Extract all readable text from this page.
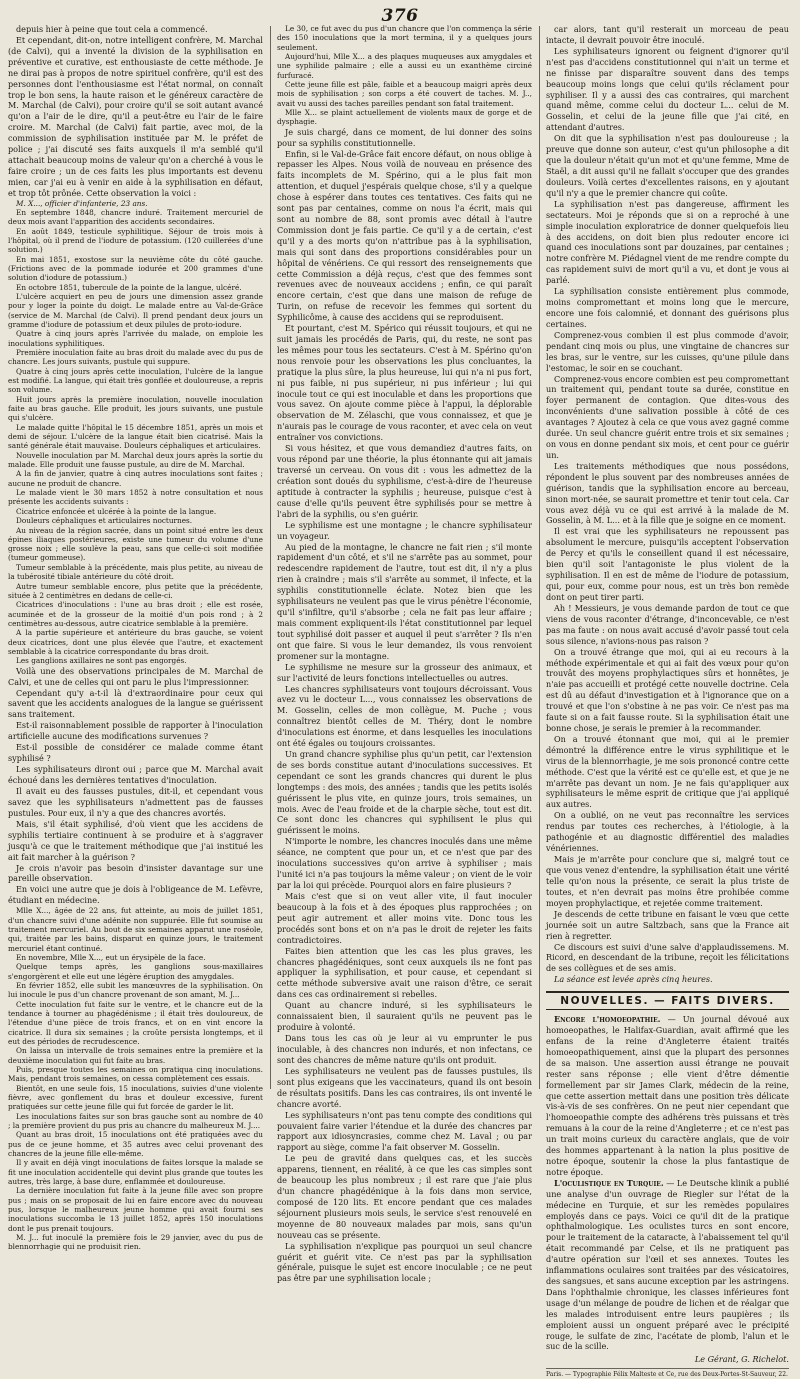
376

depuis hier à peine que tout cela a commencé.

Et cependant, dit-on, notre intelligent confrère, M. Marchal (de Calvi), qui a inventé la division de la syphilisation en préventive et curative, est enthousiaste de cette méthode. Je ne dirai pas à propos de notre spirituel confrère, qu'il est des personnes dont l'enthousiasme est l'état normal, on connaît trop le bon sens, la haute raison et le généreux caractère de M. Marchal (de Calvi), pour croire qu'il se soit autant avancé qu'on a l'air de le dire, qu'il a peut-être eu l'air de le faire croire. M. Marchal (de Calvi) fait partie, avec moi, de la commission de syphilisation instituée par M. le préfet de police ; j'ai discuté ses faits auxquels il m'a semblé qu'il attachait beaucoup moins de valeur qu'on a cherché à vous le faire croire ; un de ces faits les plus importants est devenu mien, car j'ai eu à venir en aide à la syphilisation en défaut, et trop tôt prônée. Cette observation la voici :

M. X..., officier d'infanterie, 23 ans.

En septembre 1848, chancre induré. Traitement mercuriel de deux mois avant l'apparition des accidents secondaires.

En août 1849, testicule syphilitique. Séjour de trois mois à l'hôpital, où il prend de l'iodure de potassium. (120 cuillerées d'une solution.)

En mai 1851, exostose sur la neuvième côte du côté gauche. (Frictions avec de la pommade iodurée et 200 grammes d'une solution d'iodure de potassium.)

En octobre 1851, tubercule de la pointe de la langue, ulcéré.

L'ulcère acquiert en peu de jours une dimension assez grande pour y loger la pointe du doigt. Le malade entre au Val-de-Grâce (service de M. Marchal (de Calvi). Il prend pendant deux jours un gramme d'iodure de potassium et deux pilules de proto-iodure.

Quatre à cinq jours après l'arrivée du malade, on emploie les inoculations syphilitiques.

Première inoculation faite au bras droit du malade avec du pus de chancre. Les jours suivants, pustule qui suppure.

Quatre à cinq jours après cette inoculation, l'ulcère de la langue est modifié. La langue, qui était très gonflée et douloureuse, a repris son volume.

Huit jours après la première inoculation, nouvelle inoculation faite au bras gauche. Elle produit, les jours suivants, une pustule qui s'ulcère.

Le malade quitte l'hôpital le 15 décembre 1851, après un mois et demi de séjour. L'ulcère de la langue était bien cicatrisé. Mais la santé générale était mauvaise. Douleurs céphaliques et articulaires.

Nouvelle inoculation par M. Marchal deux jours après la sortie du malade. Elle produit une fausse pustule, au dire de M. Marchal.

A la fin de janvier, quatre à cinq autres inoculations sont faites ; aucune ne produit de chancre.

Le malade vient le 30 mars 1852 à notre consultation et nous présente les accidents suivants :

Cicatrice enfoncée et ulcérée à la pointe de la langue.

Douleurs céphaliques et articulaires nocturnes.

Au niveau de la région sacrée, dans un point situé entre les deux épines iliaques postérieures, existe une tumeur du volume d'une grosse noix ; elle soulève la peau, sans que celle-ci soit modifiée (tumeur gommeuse).

Tumeur semblable à la précédente, mais plus petite, au niveau de la tubérosité tibiale antérieure du côté droit.

Autre tumeur semblable encore, plus petite que la précédente, située à 2 centimètres en dedans de celle-ci.

Cicatrices d'inoculations : l'une au bras droit ; elle est rosée, acuminée et de la grosseur de la moitié d'un pois rond ; à 2 centimètres au-dessous, autre cicatrice semblable à la première.

A la partie supérieure et antérieure du bras gauche, se voient deux cicatrices, dont une plus élevée que l'autre, et exactement semblable à la cicatrice correspondante du bras droit.

Les ganglions axillaires ne sont pas engorgés.

Voilà une des observations principales de M. Marchal de Calvi, et une de celles qui ont paru le plus l'impressionner.

Cependant qu'y a-t-il là d'extraordinaire pour ceux qui savent que les accidents analogues de la langue se guérissent sans traitement.

Est-il raisonnablement possible de rapporter à l'inoculation artificielle aucune des modifications survenues ?

Est-il possible de considérer ce malade comme étant syphilisé ?

Les syphilisateurs diront oui ; parce que M. Marchal avait échoué dans les dernières tentatives d'inoculation.

Il avait eu des fausses pustules, dit-il, et cependant vous savez que les syphilisateurs n'admettent pas de fausses pustules. Pour eux, il n'y a que des chancres avortés.

Mais, s'il était syphilisé, d'où vient que les accidens de syphilis tertiaire continuent à se produire et à s'aggraver jusqu'à ce que le traitement méthodique que j'ai institué les ait fait marcher à la guérison ?

Je crois n'avoir pas besoin d'insister davantage sur une pareille observation.

En voici une autre que je dois à l'obligeance de M. Lefèvre, étudiant en médecine.

Mlle X..., âgée de 22 ans, fut atteinte, au mois de juillet 1851, d'un chancre suivi d'une adénite non suppurée. Elle fut soumise au traitement mercuriel. Au bout de six semaines apparut une roséole, qui, traitée par les bains, disparut en quinze jours, le traitement mercuriel étant continué.

En novembre, Mlle X..., eut un érysipèle de la face.

Quelque temps après, les ganglions sous-maxillaires s'engorgèrent et elle eut une légère éruption des amygdales.

En février 1852, elle subit les manœuvres de la syphilisation. On lui inocule le pus d'un chancre provenant de son amant, M. J...

Cette inoculation fut faite sur le ventre, et le chancre eut de la tendance à tourner au phagédénisme ; il était très douloureux, de l'étendue d'une pièce de trois francs, et on en vint encore la cicatrice. Il dura six semaines ; la croûte persista longtemps, et il eut des périodes de recrudescence.

On laissa un intervalle de trois semaines entre la première et la deuxième inoculation qui fut faite au bras.

Puis, presque toutes les semaines on pratiqua cinq inoculations. Mais, pendant trois semaines, on cessa complètement ces essais.

Bientôt, en une seule fois, 15 inoculations, suivies d'une violente fièvre, avec gonflement du bras et douleur excessive, furent pratiquées sur cette jeune fille qui fut forcée de garder le lit.

Les inoculations faites sur son bras gauche sont au nombre de 40 ; la première provient du pus pris au chancre du malheureux M. J....

Quant au bras droit, 15 inoculations ont été pratiquées avec du pus de ce jeune homme, et 35 autres avec celui provenant des chancres de la jeune fille elle-même.

Il y avait en déjà vingt inoculations de faites lorsque la malade se fit une inoculation accidentelle qui devint plus grande que toutes les autres, très large, à base dure, enflammée et douloureuse.

La dernière inoculation fut faite à la jeune fille avec son propre pus ; mais on se proposait de lui en faire encore avec du nouveau pus, lorsque le malheureux jeune homme qui avait fourni ses inoculations succomba le 13 juillet 1852, après 150 inoculations dont le pus prenait toujours.

M. J... fut inoculé la première fois le 29 janvier, avec du pus de blennorrhagie qui ne produisit rien.

Le 30, ce fut avec du pus d'un chancre que l'on commença la série des 150 inoculations que la mort termina, il y a quelques jours seulement.

Aujourd'hui, Mlle X... a des plaques muqueuses aux amygdales et une syphilide palmaire ; elle a aussi eu un exanthème circiné furfuracé.

Cette jeune fille est pâle, faible et a beaucoup maigri après deux mois de syphilisation ; son corps a été couvert de taches. M. J.., avait vu aussi des taches pareilles pendant son fatal traitement.

Mlle X... se plaint actuellement de violents maux de gorge et de dysphagie.

Je suis chargé, dans ce moment, de lui donner des soins pour sa syphilis constitutionnelle.

Enfin, si le Val-de-Grâce fait encore défaut, on nous oblige à repasser les Alpes. Nous voilà de nouveau en présence des faits incomplets de M. Spérino, qui a le plus fait mon attention, et duquel j'espérais quelque chose, s'il y a quelque chose à espérer dans toutes ces tentatives. Ces faits qui ne sont pas par centaines, comme on nous l'a écrit, mais qui sont au nombre de 88, sont promis avec détail à l'autre Commission dont je fais partie. Ce qu'il y a de certain, c'est qu'il y a des morts qu'on n'attribue pas à la syphilisation, mais qui sont dans des proportions considérables pour un hôpital de vénériens. Ce qui ressort des renseignements que cette Commission a déjà reçus, c'est que des femmes sont revenues avec de nouveaux accidens ; enfin, ce qui paraît encore certain, c'est que dans une maison de refuge de Turin, on refuse de recevoir les femmes qui sortent du Syphilicôme, à cause des accidens qui se reproduisent.

Et pourtant, c'est M. Spérico qui réussit toujours, et qui ne suit jamais les procédés de Paris, qui, du reste, ne sont pas les mêmes pour tous les sectateurs. C'est à M. Spérino qu'on nous renvoie pour les observations les plus concluantes, la pratique la plus sûre, la plus heureuse, lui qui n'a ni pus fort, ni pus faible, ni pus supérieur, ni pus inférieur ; lui qui inocule tout ce qui est inoculable et dans les proportions que vous savez. On ajoute comme pièce à l'appui, la déplorable observation de M. Zélaschi, que vous connaissez, et que je n'aurais pas le courage de vous raconter, et avec cela on veut entraîner vos convictions.

Si vous hésitez, et que vous demandiez d'autres faits, on vous répond par une théorie, la plus étonnante qui ait jamais traversé un cerveau. On vous dit : vous les admettez de la création sont doués du syphilisme, c'est-à-dire de l'heureuse aptitude à contracter la syphilis ; heureuse, puisque c'est à cause d'elle qu'ils peuvent être syphilisés pour se mettre à l'abri de la syphilis, ou s'en guérir.

Le syphilisme est une montagne ; le chancre syphilisateur un voyageur.

Au pied de la montagne, le chancre ne fait rien ; s'il monte rapidement d'un côté, et s'il ne s'arrête pas au sommet, pour redescendre rapidement de l'autre, tout est dit, il n'y a plus rien à craindre ; mais s'il s'arrête au sommet, il infecte, et la syphilis constitutionnelle éclate. Notez bien que les syphilisateurs ne veulent pas que le virus pénètre l'économie, qu'il s'infiltre, qu'il s'absorbe ; cela ne fait pas leur affaire ; mais comment expliquent-ils l'état constitutionnel par lequel tout syphilisé doit passer et auquel il peut s'arrêter ? Ils n'en ont que faire. Si vous le leur demandez, ils vous renvoient promener sur la montagne.

Le syphilisme ne mesure sur la grosseur des animaux, et sur l'activité de leurs fonctions intellectuelles ou autres.

Les chancres syphilisateurs vont toujours décroissant. Vous avez vu le docteur L..., vous connaissez les observations de M. Gosselin, celles de mon collègue, M. Puche ; vous connaîtrez bientôt celles de M. Théry, dont le nombre d'inoculations est énorme, et dans lesquelles les inoculations ont été égales ou toujours croissantes.

Un grand chancre syphilise plus qu'un petit, car l'extension de ses bords constitue autant d'inoculations successives. Et cependant ce sont les grands chancres qui durent le plus longtemps : des mois, des années ; tandis que les petits isolés guérissent le plus vite, en quinze jours, trois semaines, un mois. Avec de l'eau froide et de la charpie sèche, tout est dit. Ce sont donc les chancres qui syphilisent le plus qui guérissent le moins.

N'importe le nombre, les chancres inoculés dans une même séance, ne comptent que pour un, et ce n'est que par des inoculations successives qu'on arrive à syphiliser ; mais l'unité ici n'a pas toujours la même valeur ; on vient de le voir par la loi qui précède. Pourquoi alors en faire plusieurs ?

Mais c'est que si on veut aller vite, il faut inoculer beaucoup à la fois et à des époques plus rapprochées ; on peut agir autrement et aller moins vite. Donc tous les procédés sont bons et on n'a pas le droit de rejeter les faits contradictoires.

Faites bien attention que les cas les plus graves, les chancres phagédéniques, sont ceux auxquels ils ne font pas appliquer la syphilisation, et pour cause, et cependant si cette méthode subversive avait une raison d'être, ce serait dans ces cas ordinairement si rebelles.

Quant au chancre induré, si les syphilisateurs le connaissaient bien, il sauraient qu'ils ne peuvent pas le produire à volonté.

Dans tous les cas où je leur ai vu emprunter le pus inoculable, à des chancres non indurés, et non infectans, ce sont des chancres de même nature qu'ils ont produit.

Les syphilisateurs ne veulent pas de fausses pustules, ils sont plus exigeans que les vaccinateurs, quand ils ont besoin de résultats positifs. Dans les cas contraires, ils ont inventé le chancre avorté.

Les syphilisateurs n'ont pas tenu compte des conditions qui pouvaient faire varier l'étendue et la durée des chancres par rapport aux idiosyncrasies, comme chez M. Laval ; ou par rapport au siège, comme l'a fait observer M. Gosselin.

Le peu de gravité dans quelques cas, et les succès apparens, tiennent, en réalité, à ce que les cas simples sont de beaucoup les plus nombreux ; il est rare que j'aie plus d'un chancre phagédénique à la fois dans mon service, composé de 120 lits. Et encore pendant que ces malades séjournent plusieurs mois seuls, le service s'est renouvelé en moyenne de 80 nouveaux malades par mois, sans qu'un nouveau cas se présente.

La syphilisation n'explique pas pourquoi un seul chancre guérit et guérit vite. Ce n'est pas par la syphilisation générale, puisque le sujet est encore inoculable ; ce ne peut pas être par une syphilisation locale ;

car alors, tant qu'il resterait un morceau de peau intacte, il devrait pouvoir être inoculé.

Les syphilisateurs ignorent ou feignent d'ignorer qu'il n'est pas d'accidens constitutionnel qui n'ait un terme et ne finisse par disparaître souvent dans des temps beaucoup moins longs que celui qu'ils réclament pour syphiliser. Il y a aussi des cas contraires, qui marchent quand même, comme celui du docteur L... celui de M. Gosselin, et celui de la jeune fille que j'ai cité, en attendant d'autres.

On dit que la syphilisation n'est pas douloureuse ; la preuve que donne son auteur, c'est qu'un philosophe a dit que la douleur n'était qu'un mot et qu'une femme, Mme de Staël, a dit aussi qu'il ne fallait s'occuper que des grandes douleurs. Voilà certes d'excellentes raisons, en y ajoutant qu'il n'y a que le premier chancre qui coûte.

La syphilisation n'est pas dangereuse, affirment les sectateurs. Moi je réponds que si on a reproché à une simple inoculation exploratrice de donner quelquefois lieu à des accidens, on doit bien plus redouter encore ici quand ces inoculations sont par douzaines, par centaines ; notre confrère M. Piédagnel vient de me rendre compte du cas rapidement suivi de mort qu'il a vu, et dont je vous ai parlé.

La syphilisation consiste entièrement plus commode, moins compromettant et moins long que le mercure, encore une fois calomnié, et donnant des guérisons plus certaines.

Comprenez-vous combien il est plus commode d'avoir, pendant cinq mois ou plus, une vingtaine de chancres sur les bras, sur le ventre, sur les cuisses, qu'une pilule dans l'estomac, le soir en se couchant.

Comprenez-vous encore combien est peu compromettant un traitement qui, pendant toute sa durée, constitue en foyer permanent de contagion. Que dites-vous des inconvénients d'une salivation possible à côté de ces avantages ? Ajoutez à cela ce que vous avez gagné comme durée. Un seul chancre guérit entre trois et six semaines ; on vous en donne pendant six mois, et cent pour ce guérir un.

Les traitements méthodiques que nous possédons, répondent le plus souvent par des nombreuses années de guérison, tandis que la syphilisation encore au berceau, sinon mort-née, se saurait promettre et tenir tout cela. Car vous avez déjà vu ce qui est arrivé à la malade de M. Gosselin, à M. L... et à la fille que je soigne en ce moment.

Il est vrai que les syphilisateurs ne repoussent pas absolument le mercure, puisqu'ils acceptent l'observation de Percy et qu'ils le conseillent quand il est nécessaire, bien qu'il soit l'antagoniste le plus violent de la syphilisation. Il en est de même de l'iodure de potassium, qui, pour eux, comme pour nous, est un très bon remède dont on peut tirer parti.

Ah ! Messieurs, je vous demande pardon de tout ce que viens de vous raconter d'étrange, d'inconcevable, ce n'est pas ma faute : on nous avait accusé d'avoir passé tout cela sous silence, n'avions-nous pas raison ?

On a trouvé étrange que moi, qui ai eu recours à la méthode expérimentale et qui ai fait des vœux pour qu'on trouvât des moyens prophylactiques sûrs et honnêtes, je n'aie pas accueilli et protégé cette nouvelle doctrine. Cela est dû au défaut d'investigation et à l'ignorance que on a trouvé et que l'on s'obstine à ne pas voir. Ce n'est pas ma faute si on a fait fausse route. Si la syphilisation était une bonne chose, je serais le premier à la recommander.

On a trouvé étonnant que moi, qui ai le premier démontré la différence entre le virus syphilitique et le virus de la blennorrhagie, je me sois prononcé contre cette méthode. C'est que la vérité est ce qu'elle est, et que je ne m'arrête pas devant un nom. Je ne fais qu'appliquer aux syphilisateurs le même esprit de critique que j'ai appliqué aux autres.

On a oublié, on ne veut pas reconnaître les services rendus par toutes ces recherches, à l'étiologie, à la pathogénie et au diagnostic différentiel des maladies vénériennes.

Mais je m'arrête pour conclure que si, malgré tout ce que vous venez d'entendre, la syphilisation était une vérité telle qu'on nous la présente, ce serait la plus triste de toutes, et n'en devrait pas moins être prohibée comme moyen prophylactique, et rejetée comme traitement.

Je descends de cette tribune en faisant le vœu que cette journée soit un autre Saltzbach, sans que la France ait rien à regretter.

Ce discours est suivi d'une salve d'applaudissemens. M. Ricord, en descendant de la tribune, reçoit les félicitations de ses collègues et de ses amis.

La séance est levée après cinq heures.

NOUVELLES. — FAITS DIVERS.

Encore l'homoeopathie. — Un journal dévoué aux homoeopathes, le Halifax-Guardian, avait affirmé que les enfans de la reine d'Angleterre étaient traités homoeopathiquement, ainsi que la plupart des personnes de sa maison. Une assertion aussi étrange ne pouvait rester sans réponse ; elle vient d'être démentie formellement par sir James Clark, médecin de la reine, que cette assertion mettait dans une position très délicate vis-à-vis de ses confrères. On ne peut nier cependant que l'homoeopathie compte des adhérens très puissans et très remuans à la cour de la reine d'Angleterre ; et ce n'est pas un trait moins curieux du caractère anglais, que de voir des hommes appartenant à la nation la plus positive de notre époque, soutenir la chose la plus fantastique de notre époque.

L'oculistique en Turquie. — Le Deutsche klinik a publié une analyse d'un ouvrage de Riegler sur l'état de la médecine en Turquie, et sur les remèdes populaires employés dans ce pays. Voici ce qu'il dit de la pratique ophthalmologique. Les oculistes turcs en sont encore, pour le traitement de la cataracte, à l'abaissement tel qu'il était recommandé par Celse, et ils ne pratiquent pas d'autre opération sur l'œil et ses annexes. Toutes les inflammations oculaires sont traitées par des vésicatoires, des sangsues, et sans aucune exception par les astringens. Dans l'ophthalmie chronique, les classes inférieures font usage d'un mélange de poudre de lichen et de réalgar que les malades introduisent entre leurs paupières ; ils emploient aussi un onguent préparé avec le précipité rouge, le sulfate de zinc, l'acétate de plomb, l'alun et le suc de la scille.

Le Gérant, G. Richelot.
Paris. — Typographie Félix Malteste et Ce, rue des Deux-Portes-St-Sauveur, 22.
